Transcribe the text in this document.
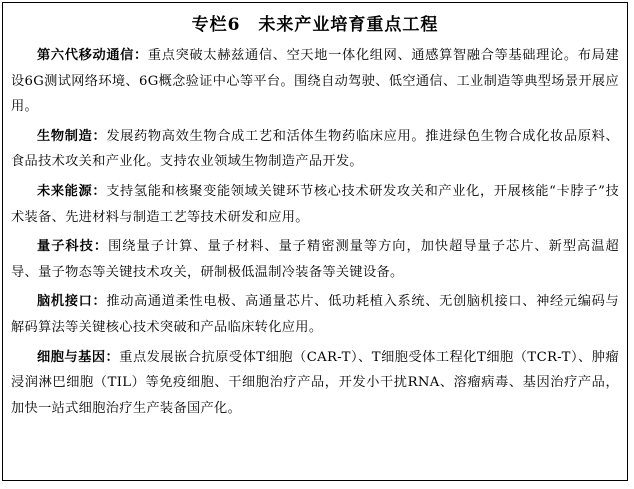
专栏6　未来产业培育重点工程

第六代移动通信：重点突破太赫兹通信、空天地一体化组网、通感算智融合等基础理论。布局建设6G测试网络环境、6G概念验证中心等平台。围绕自动驾驶、低空通信、工业制造等典型场景开展应用。

生物制造：发展药物高效生物合成工艺和活体生物药临床应用。推进绿色生物合成化妆品原料、食品技术攻关和产业化。支持农业领域生物制造产品开发。

未来能源：支持氢能和核聚变能领域关键环节核心技术研发攻关和产业化，开展核能“卡脖子”技术装备、先进材料与制造工艺等技术研发和应用。

量子科技：围绕量子计算、量子材料、量子精密测量等方向，加快超导量子芯片、新型高温超导、量子物态等关键技术攻关，研制极低温制冷装备等关键设备。

脑机接口：推动高通道柔性电极、高通量芯片、低功耗植入系统、无创脑机接口、神经元编码与解码算法等关键核心技术突破和产品临床转化应用。

细胞与基因：重点发展嵌合抗原受体T细胞（CAR-T）、T细胞受体工程化T细胞（TCR-T）、肿瘤浸润淋巴细胞（TIL）等免疫细胞、干细胞治疗产品，开发小干扰RNA、溶瘤病毒、基因治疗产品，加快一站式细胞治疗生产装备国产化。
